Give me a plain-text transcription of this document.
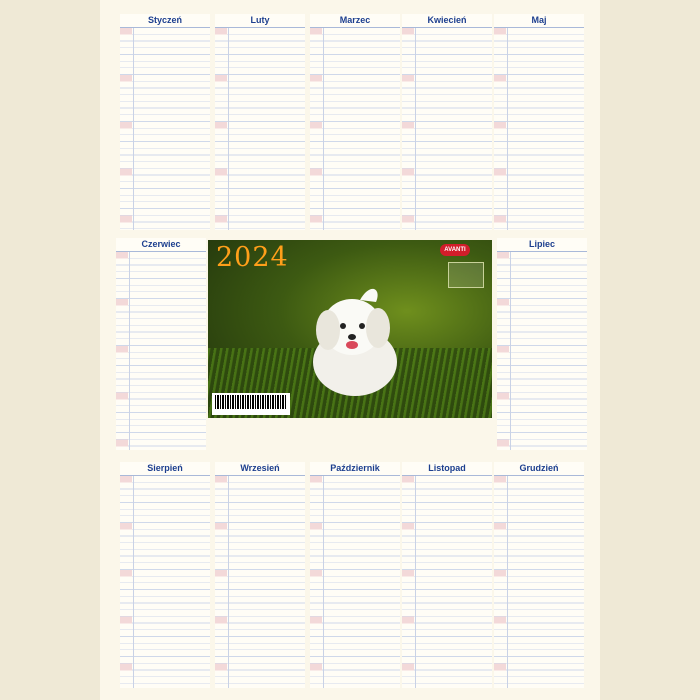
Styczeń	Luty	Marzec	Kwiecień	Maj
Czerwiec	Lipiec
2024	AVANTI
Sierpień	Wrzesień	Październik	Listopad	Grudzień
